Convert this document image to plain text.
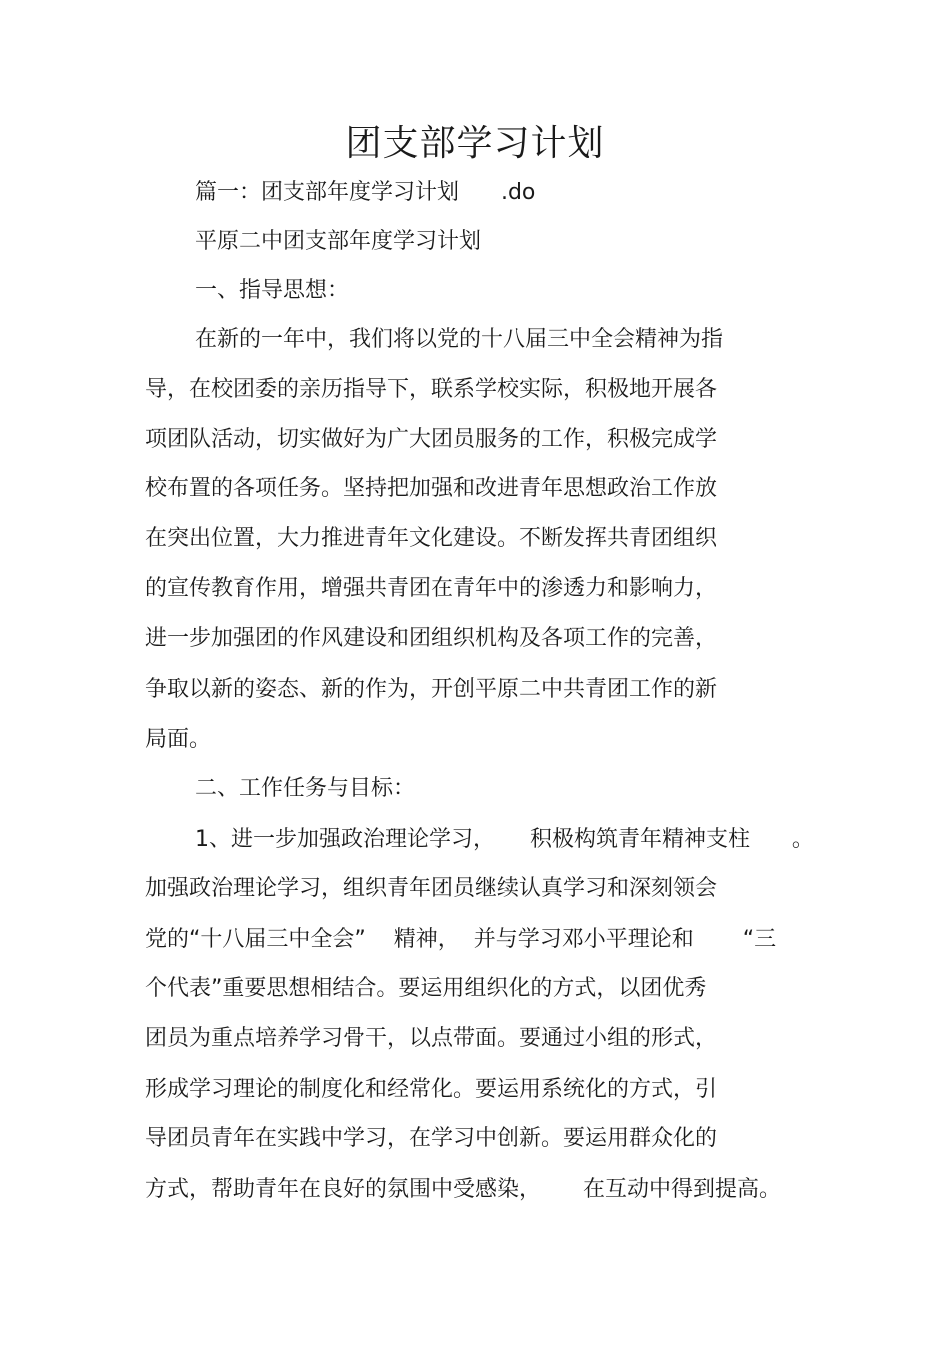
团支部学习计划
篇一：团支部年度学习计划      .do
平原二中团支部年度学习计划
一、指导思想：
在新的一年中，我们将以党的十八届三中全会精神为指
导，在校团委的亲历指导下，联系学校实际，积极地开展各
项团队活动，切实做好为广大团员服务的工作，积极完成学
校布置的各项任务。坚持把加强和改进青年思想政治工作放
在突出位置，大力推进青年文化建设。不断发挥共青团组织
的宣传教育作用，增强共青团在青年中的渗透力和影响力，
进一步加强团的作风建设和团组织机构及各项工作的完善，
争取以新的姿态、新的作为，开创平原二中共青团工作的新
局面。
二、工作任务与目标：
1、进一步加强政治理论学习，     积极构筑青年精神支柱      。
加强政治理论学习，组织青年团员继续认真学习和深刻领会
党的“十八届三中全会”    精神，  并与学习邓小平理论和       “三
个代表”重要思想相结合。要运用组织化的方式，以团优秀
团员为重点培养学习骨干，以点带面。要通过小组的形式，
形成学习理论的制度化和经常化。要运用系统化的方式，引
导团员青年在实践中学习，在学习中创新。要运用群众化的
方式，帮助青年在良好的氛围中受感染，      在互动中得到提高。
